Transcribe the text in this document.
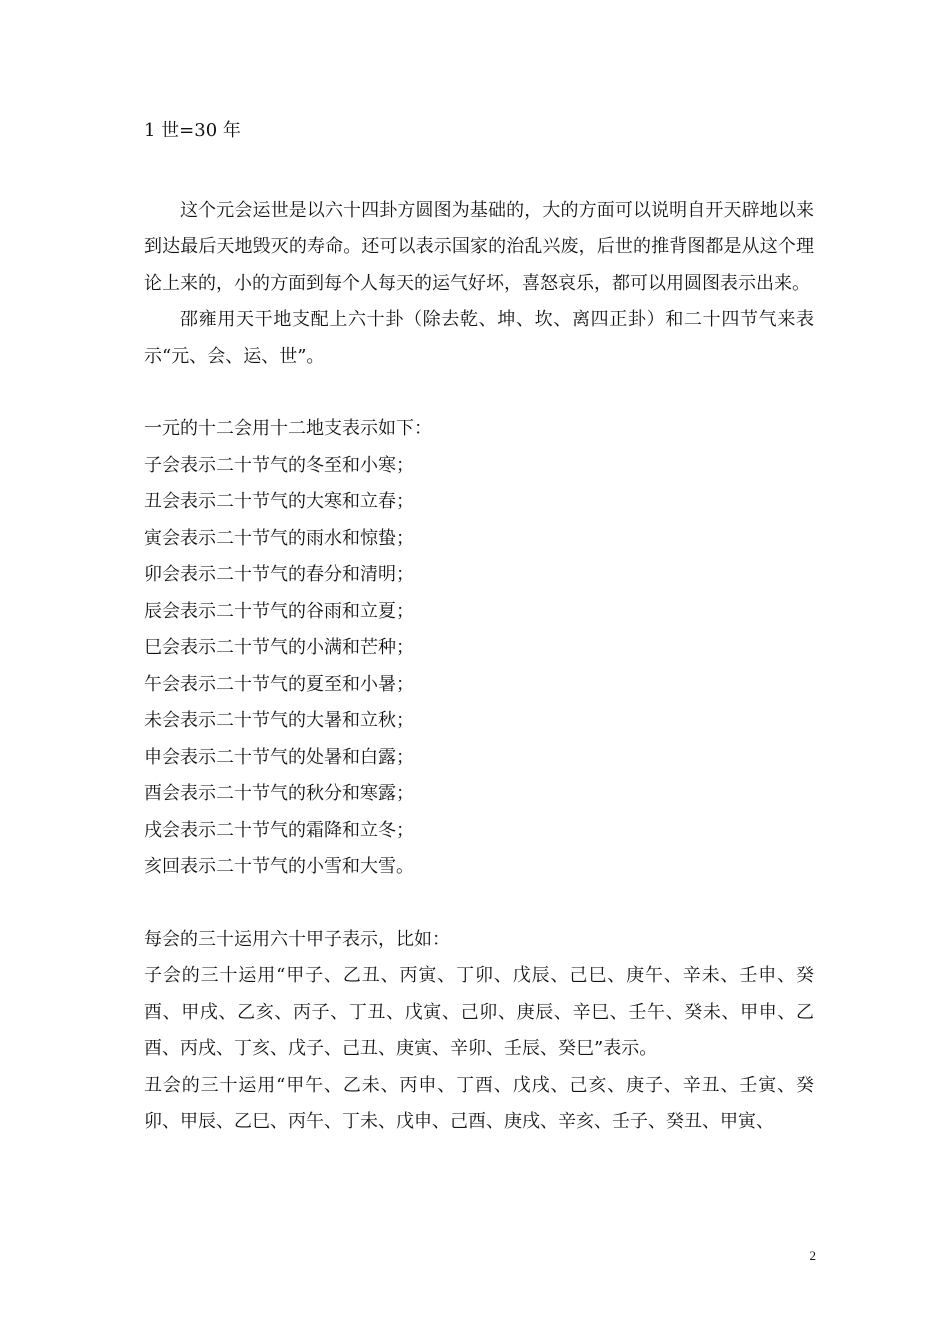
1 世=30 年

这个元会运世是以六十四卦方圆图为基础的，大的方面可以说明自开天辟地以来到达最后天地毁灭的寿命。还可以表示国家的治乱兴废，后世的推背图都是从这个理论上来的，小的方面到每个人每天的运气好坏，喜怒哀乐，都可以用圆图表示出来。

邵雍用天干地支配上六十卦（除去乾、坤、坎、离四正卦）和二十四节气来表示“元、会、运、世”。

一元的十二会用十二地支表示如下：

子会表示二十节气的冬至和小寒；

丑会表示二十节气的大寒和立春；

寅会表示二十节气的雨水和惊蛰；

卯会表示二十节气的春分和清明；

辰会表示二十节气的谷雨和立夏；

巳会表示二十节气的小满和芒种；

午会表示二十节气的夏至和小暑；

未会表示二十节气的大暑和立秋；

申会表示二十节气的处暑和白露；

酉会表示二十节气的秋分和寒露；

戌会表示二十节气的霜降和立冬；

亥回表示二十节气的小雪和大雪。

每会的三十运用六十甲子表示，比如：

子会的三十运用“甲子、乙丑、丙寅、丁卯、戊辰、己巳、庚午、辛未、壬申、癸酉、甲戌、乙亥、丙子、丁丑、戊寅、己卯、庚辰、辛巳、壬午、癸未、甲申、乙酉、丙戌、丁亥、戊子、己丑、庚寅、辛卯、壬辰、癸巳”表示。

丑会的三十运用“甲午、乙未、丙申、丁酉、戊戌、己亥、庚子、辛丑、壬寅、癸卯、甲辰、乙巳、丙午、丁未、戊申、己酉、庚戌、辛亥、壬子、癸丑、甲寅、

2
